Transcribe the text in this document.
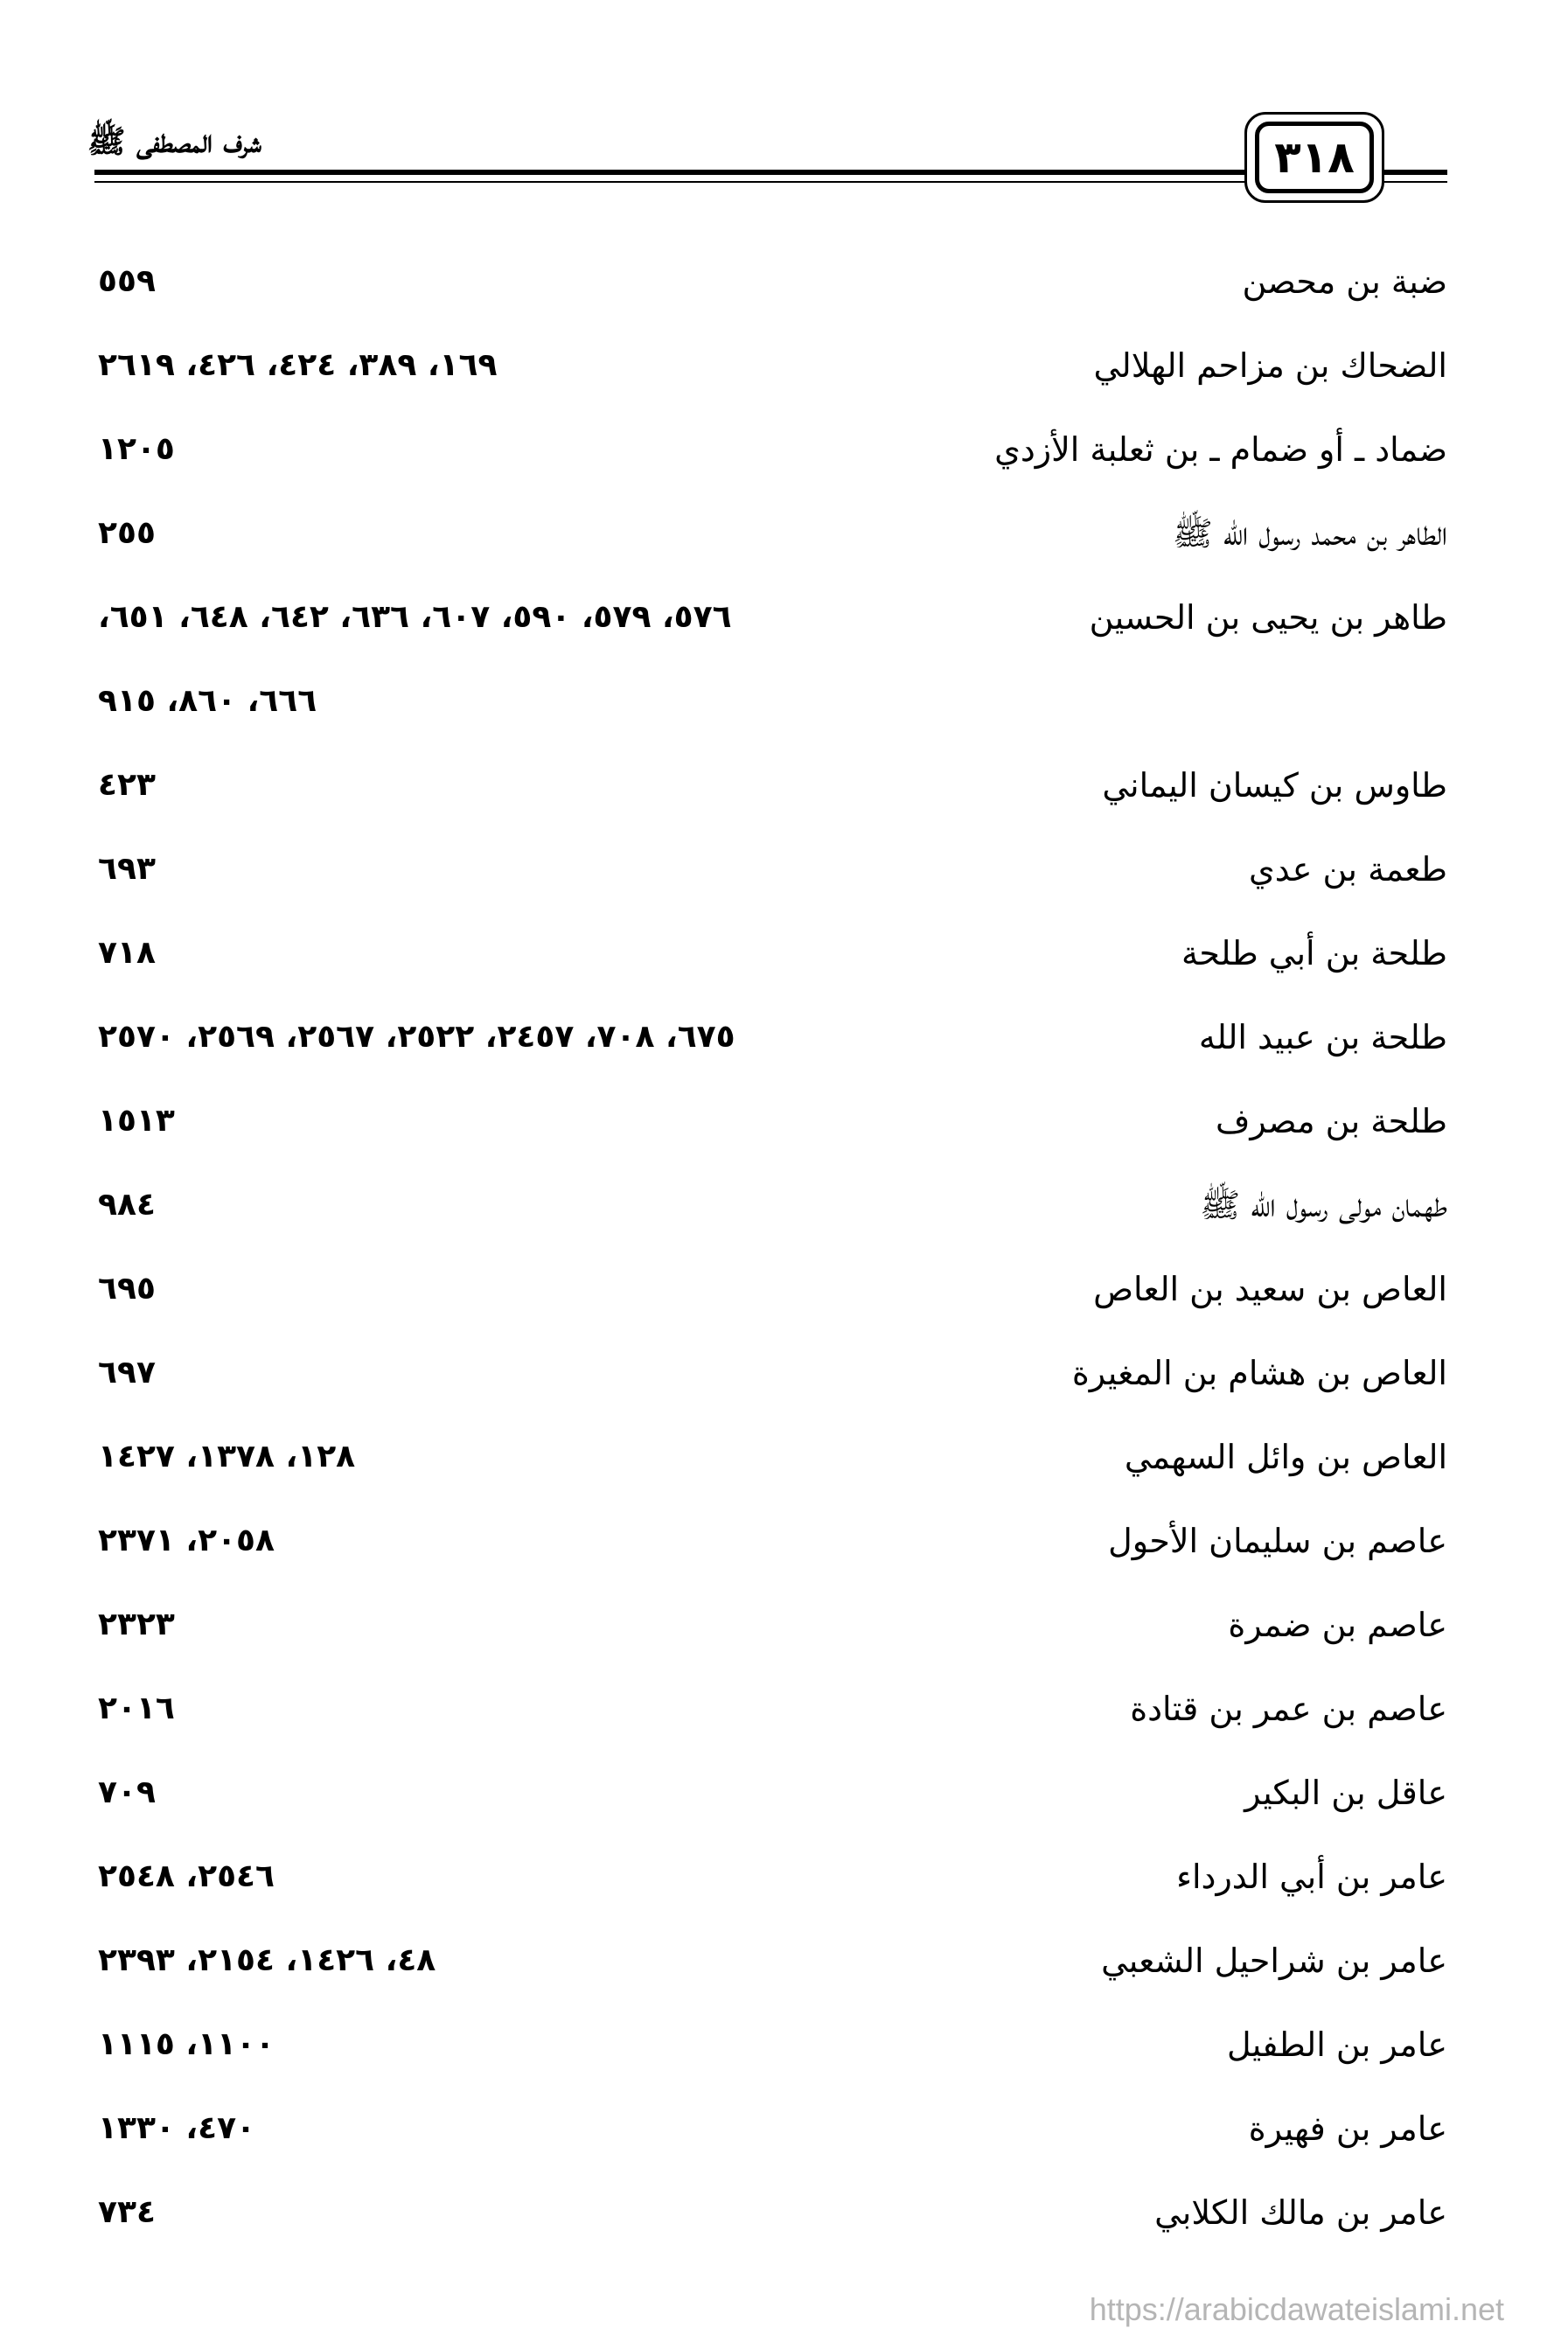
٣١٨
شرف المصطفى ﷺ
ضبة بن محصن
٥٥٩
الضحاك بن مزاحم الهلالي
١٦٩، ٣٨٩، ٤٢٤، ٤٢٦، ٢٦١٩
ضماد ـ أو ضمام ـ بن ثعلبة الأزدي
١٢٠٥
الطاهر بن محمد رسول الله ﷺ
٢٥٥
طاهر بن يحيى بن الحسين
٥٧٦، ٥٧٩، ٥٩٠، ٦٠٧، ٦٣٦، ٦٤٢، ٦٤٨، ٦٥١،
٦٦٦، ٨٦٠، ٩١٥
طاوس بن كيسان اليماني
٤٢٣
طعمة بن عدي
٦٩٣
طلحة بن أبي طلحة
٧١٨
طلحة بن عبيد الله
٦٧٥، ٧٠٨، ٢٤٥٧، ٢٥٢٢، ٢٥٦٧، ٢٥٦٩، ٢٥٧٠
طلحة بن مصرف
١٥١٣
طهمان مولى رسول الله ﷺ
٩٨٤
العاص بن سعيد بن العاص
٦٩٥
العاص بن هشام بن المغيرة
٦٩٧
العاص بن وائل السهمي
١٢٨، ١٣٧٨، ١٤٢٧
عاصم بن سليمان الأحول
٢٠٥٨، ٢٣٧١
عاصم بن ضمرة
٢٣٢٣
عاصم بن عمر بن قتادة
٢٠١٦
عاقل بن البكير
٧٠٩
عامر بن أبي الدرداء
٢٥٤٦، ٢٥٤٨
عامر بن شراحيل الشعبي
٤٨، ١٤٢٦، ٢١٥٤، ٢٣٩٣
عامر بن الطفيل
١١٠٠، ١١١٥
عامر بن فهيرة
٤٧٠، ١٣٣٠
عامر بن مالك الكلابي
٧٣٤
https://arabicdawateislami.net
